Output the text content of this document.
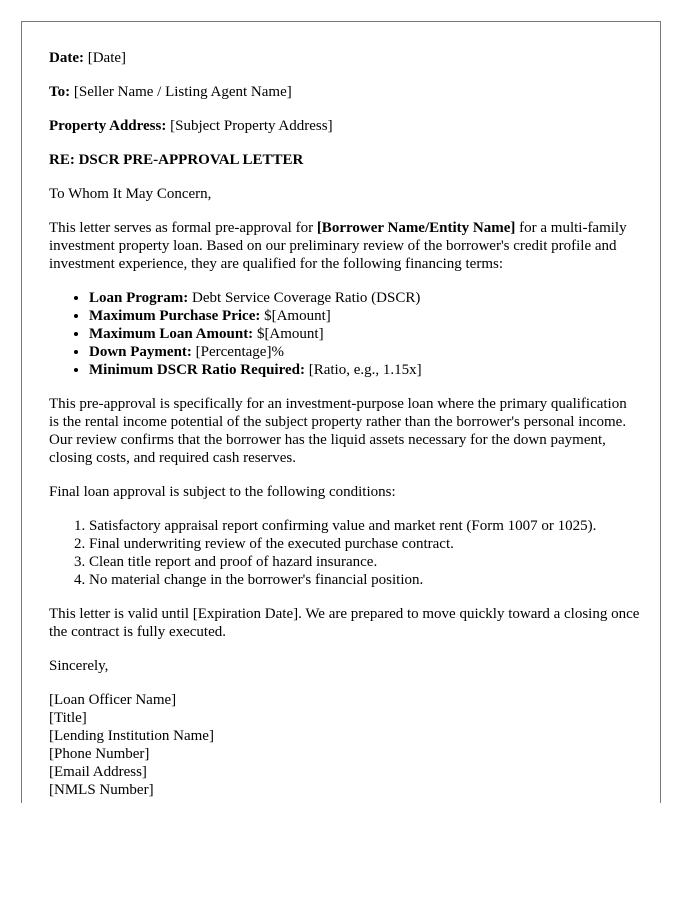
Date: [Date]

To: [Seller Name / Listing Agent Name]

Property Address: [Subject Property Address]

RE: DSCR PRE-APPROVAL LETTER

To Whom It May Concern,

This letter serves as formal pre-approval for [Borrower Name/Entity Name] for a multi-family investment property loan. Based on our preliminary review of the borrower's credit profile and investment experience, they are qualified for the following financing terms:

• Loan Program: Debt Service Coverage Ratio (DSCR)
• Maximum Purchase Price: $[Amount]
• Maximum Loan Amount: $[Amount]
• Down Payment: [Percentage]%
• Minimum DSCR Ratio Required: [Ratio, e.g., 1.15x]

This pre-approval is specifically for an investment-purpose loan where the primary qualification is the rental income potential of the subject property rather than the borrower's personal income. Our review confirms that the borrower has the liquid assets necessary for the down payment, closing costs, and required cash reserves.

Final loan approval is subject to the following conditions:

1. Satisfactory appraisal report confirming value and market rent (Form 1007 or 1025).
2. Final underwriting review of the executed purchase contract.
3. Clean title report and proof of hazard insurance.
4. No material change in the borrower's financial position.

This letter is valid until [Expiration Date]. We are prepared to move quickly toward a closing once the contract is fully executed.

Sincerely,

[Loan Officer Name]
[Title]
[Lending Institution Name]
[Phone Number]
[Email Address]
[NMLS Number]
